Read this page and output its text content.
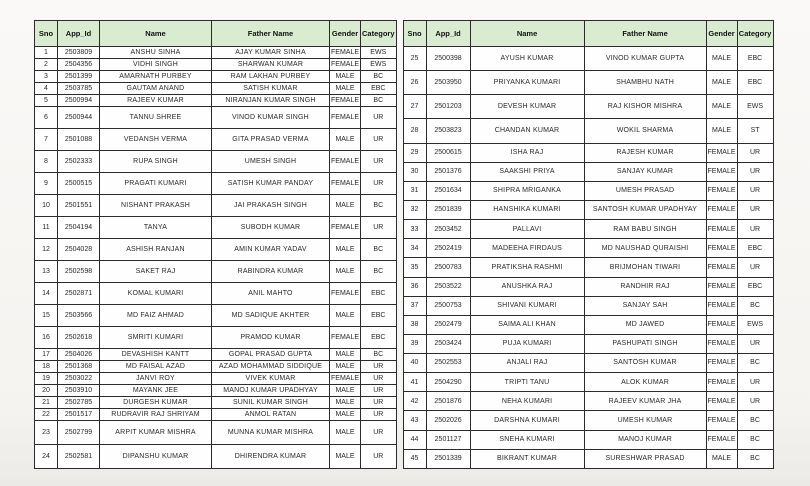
Sno	App_Id	Name	Father Name	Gender	Category
1	2503809	ANSHU SINHA	AJAY KUMAR SINHA	FEMALE	EWS
2	2504356	VIDHI SINGH	SHARWAN KUMAR	FEMALE	EWS
3	2501399	AMARNATH PURBEY	RAM LAKHAN PURBEY	MALE	BC
4	2503785	GAUTAM ANAND	SATISH KUMAR	MALE	EBC
5	2500994	RAJEEV KUMAR	NIRANJAN KUMAR SINGH	FEMALE	BC
6	2500944	TANNU SHREE	VINOD KUMAR SINGH	FEMALE	UR
7	2501088	VEDANSH VERMA	GITA PRASAD VERMA	MALE	UR
8	2502333	RUPA SINGH	UMESH SINGH	FEMALE	UR
9	2500515	PRAGATI KUMARI	SATISH KUMAR PANDAY	FEMALE	UR
10	2501551	NISHANT PRAKASH	JAI PRAKASH SINGH	MALE	BC
11	2504194	TANYA	SUBODH KUMAR	FEMALE	UR
12	2504028	ASHISH RANJAN	AMIN KUMAR YADAV	MALE	BC
13	2502598	SAKET RAJ	RABINDRA KUMAR	MALE	BC
14	2502871	KOMAL KUMARI	ANIL MAHTO	FEMALE	EBC
15	2503566	MD FAIZ AHMAD	MD SADIQUE AKHTER	MALE	EBC
16	2502618	SMRITI KUMARI	PRAMOD KUMAR	FEMALE	EBC
17	2504026	DEVASHISH KANTT	GOPAL PRASAD GUPTA	MALE	BC
18	2501368	MD FAISAL AZAD	AZAD MOHAMMAD SIDDIQUE	MALE	UR
19	2503022	JANVI ROY	VIVEK KUMAR	FEMALE	UR
20	2503910	MAYANK JEE	MANOJ KUMAR UPADHYAY	MALE	UR
21	2502785	DURGESH KUMAR	SUNIL KUMAR SINGH	MALE	UR
22	2501517	RUDRAVIR RAJ SHRIYAM	ANMOL RATAN	MALE	UR
23	2502799	ARPIT KUMAR MISHRA	MUNNA KUMAR MISHRA	MALE	UR
24	2502581	DIPANSHU KUMAR	DHIRENDRA KUMAR	MALE	UR
Sno	App_Id	Name	Father Name	Gender	Category
25	2500398	AYUSH KUMAR	VINOD KUMAR GUPTA	MALE	EBC
26	2503950	PRIYANKA KUMARI	SHAMBHU NATH	MALE	EBC
27	2501203	DEVESH KUMAR	RAJ KISHOR MISHRA	MALE	EWS
28	2503823	CHANDAN KUMAR	WOKIL SHARMA	MALE	ST
29	2500615	ISHA RAJ	RAJESH KUMAR	FEMALE	UR
30	2501376	SAAKSHI PRIYA	SANJAY KUMAR	FEMALE	UR
31	2501634	SHIPRA MRIGANKA	UMESH PRASAD	FEMALE	UR
32	2501839	HANSHIKA KUMARI	SANTOSH KUMAR UPADHYAY	FEMALE	UR
33	2503452	PALLAVI	RAM BABU SINGH	FEMALE	UR
34	2502419	MADEEHA FIRDAUS	MD NAUSHAD QURAISHI	FEMALE	EBC
35	2500783	PRATIKSHA RASHMI	BRIJMOHAN TIWARI	FEMALE	UR
36	2503522	ANUSHKA RAJ	RANDHIR RAJ	FEMALE	EBC
37	2500753	SHIVANI KUMARI	SANJAY SAH	FEMALE	BC
38	2502479	SAIMA ALI KHAN	MD JAWED	FEMALE	EWS
39	2503424	PUJA KUMARI	PASHUPATI SINGH	FEMALE	UR
40	2502553	ANJALI RAJ	SANTOSH KUMAR	FEMALE	BC
41	2504290	TRIPTI TANU	ALOK KUMAR	FEMALE	UR
42	2501876	NEHA KUMARI	RAJEEV KUMAR JHA	FEMALE	UR
43	2502026	DARSHNA KUMARI	UMESH KUMAR	FEMALE	BC
44	2501127	SNEHA KUMARI	MANOJ KUMAR	FEMALE	BC
45	2501339	BIKRANT KUMAR	SURESHWAR PRASAD	MALE	BC
